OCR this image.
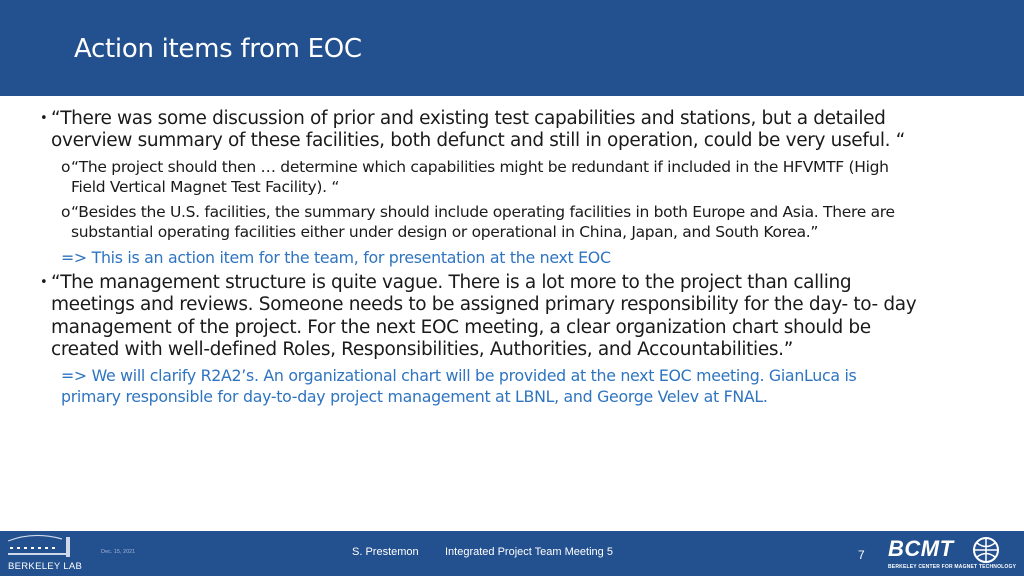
Action items from EOC
• “There was some discussion of prior and existing test capabilities and stations, but a detailed overview summary of these facilities, both defunct and still in operation, could be very useful. “
o “The project should then … determine which capabilities might be redundant if included in the HFVMTF (High Field Vertical Magnet Test Facility). “
o “Besides the U.S. facilities, the summary should include operating facilities in both Europe and Asia. There are substantial operating facilities either under design or operational in China, Japan, and South Korea.”
=> This is an action item for the team, for presentation at the next EOC
• “The management structure is quite vague. There is a lot more to the project than calling meetings and reviews. Someone needs to be assigned primary responsibility for the day- to- day management of the project. For the next EOC meeting, a clear organization chart should be created with well-defined Roles, Responsibilities, Authorities, and Accountabilities.”
=> We will clarify R2A2’s. An organizational chart will be provided at the next EOC meeting. GianLuca is primary responsible for day-to-day project management at LBNL, and George Velev at FNAL.
BERKELEY LAB
Dec. 15, 2021	S. Prestemon Integrated Project Team Meeting 5	7 BCMT
BERKELEY CENTER FOR MAGNET TECHNOLOGY
